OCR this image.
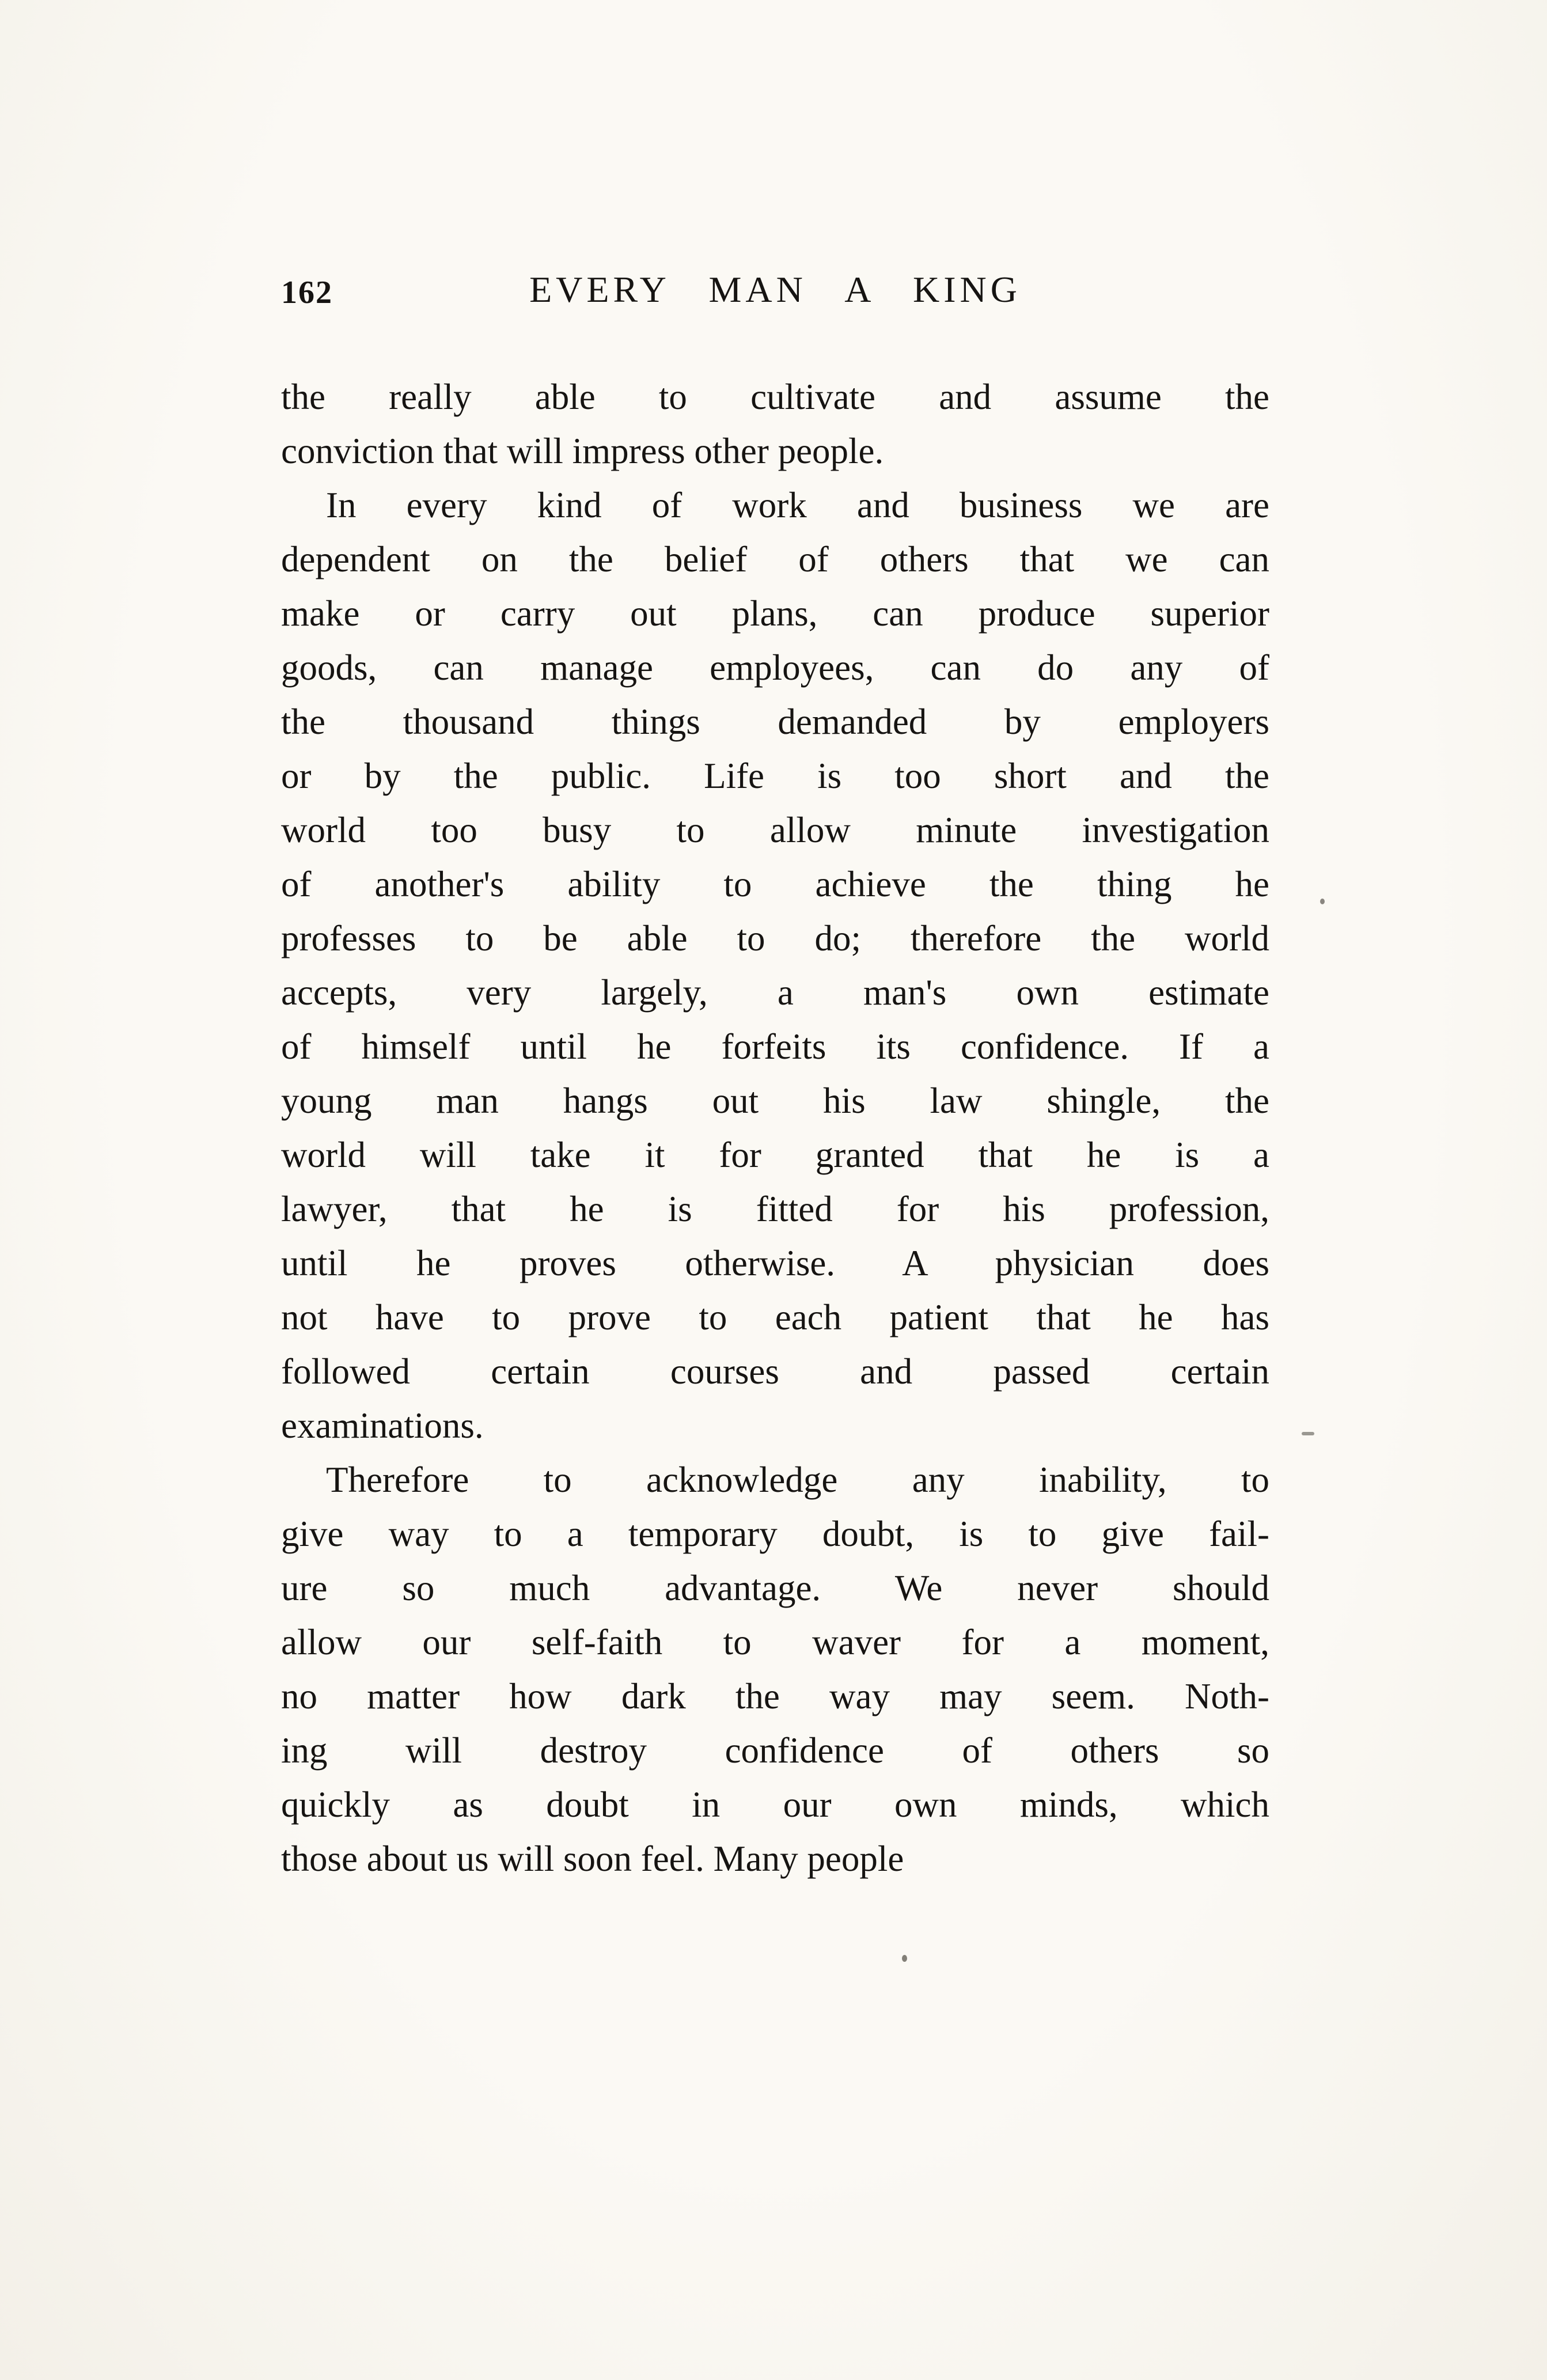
162	EVERY MAN A KING
the really able to cultivate and assume the
conviction that will impress other people.
In every kind of work and business we are
dependent on the belief of others that we can
make or carry out plans, can produce superior
goods, can manage employees, can do any of
the thousand things demanded by employers
or by the public. Life is too short and the
world too busy to allow minute investigation
of another's ability to achieve the thing he
professes to be able to do; therefore the world
accepts, very largely, a man's own estimate
of himself until he forfeits its confidence. If a
young man hangs out his law shingle, the
world will take it for granted that he is a
lawyer, that he is fitted for his profession,
until he proves otherwise. A physician does
not have to prove to each patient that he has
followed certain courses and passed certain
examinations.
Therefore to acknowledge any inability, to
give way to a temporary doubt, is to give fail-
ure so much advantage. We never should
allow our self-faith to waver for a moment,
no matter how dark the way may seem. Noth-
ing will destroy confidence of others so
quickly as doubt in our own minds, which
those about us will soon feel. Many people
